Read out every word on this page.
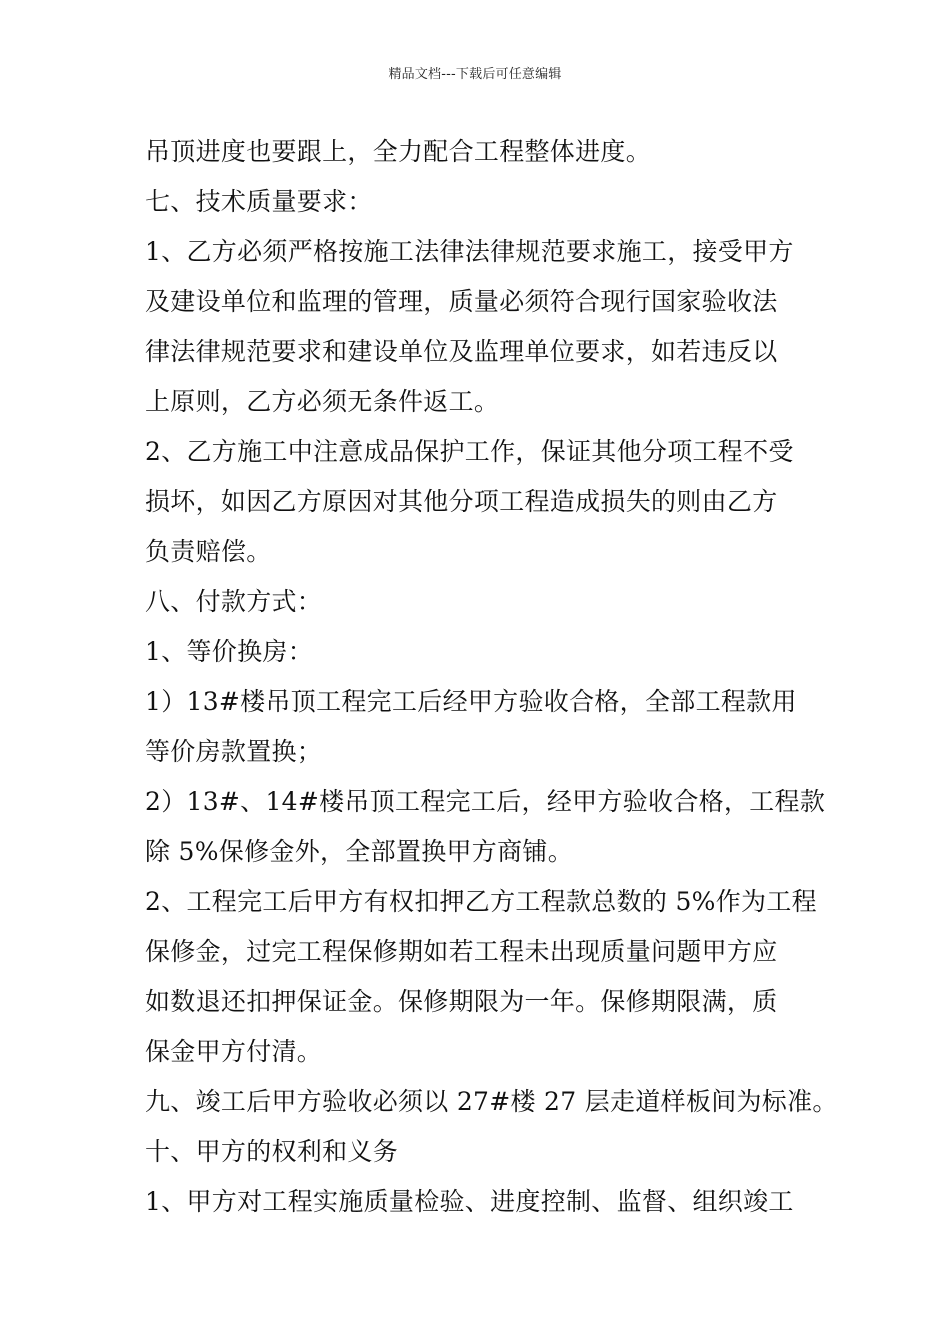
精品文档---下载后可任意编辑
吊顶进度也要跟上，全力配合工程整体进度。
七、技术质量要求：
1、乙方必须严格按施工法律法律规范要求施工，接受甲方
及建设单位和监理的管理，质量必须符合现行国家验收法
律法律规范要求和建设单位及监理单位要求，如若违反以
上原则，乙方必须无条件返工。
2、乙方施工中注意成品保护工作，保证其他分项工程不受
损坏，如因乙方原因对其他分项工程造成损失的则由乙方
负责赔偿。
八、付款方式：
1、等价换房：
1）13#楼吊顶工程完工后经甲方验收合格，全部工程款用
等价房款置换；
2）13#、14#楼吊顶工程完工后，经甲方验收合格，工程款
除 5%保修金外，全部置换甲方商铺。
2、工程完工后甲方有权扣押乙方工程款总数的 5%作为工程
保修金，过完工程保修期如若工程未出现质量问题甲方应
如数退还扣押保证金。保修期限为一年。保修期限满，质
保金甲方付清。
九、竣工后甲方验收必须以 27#楼 27 层走道样板间为标准。
十、甲方的权利和义务
1、甲方对工程实施质量检验、进度控制、监督、组织竣工
